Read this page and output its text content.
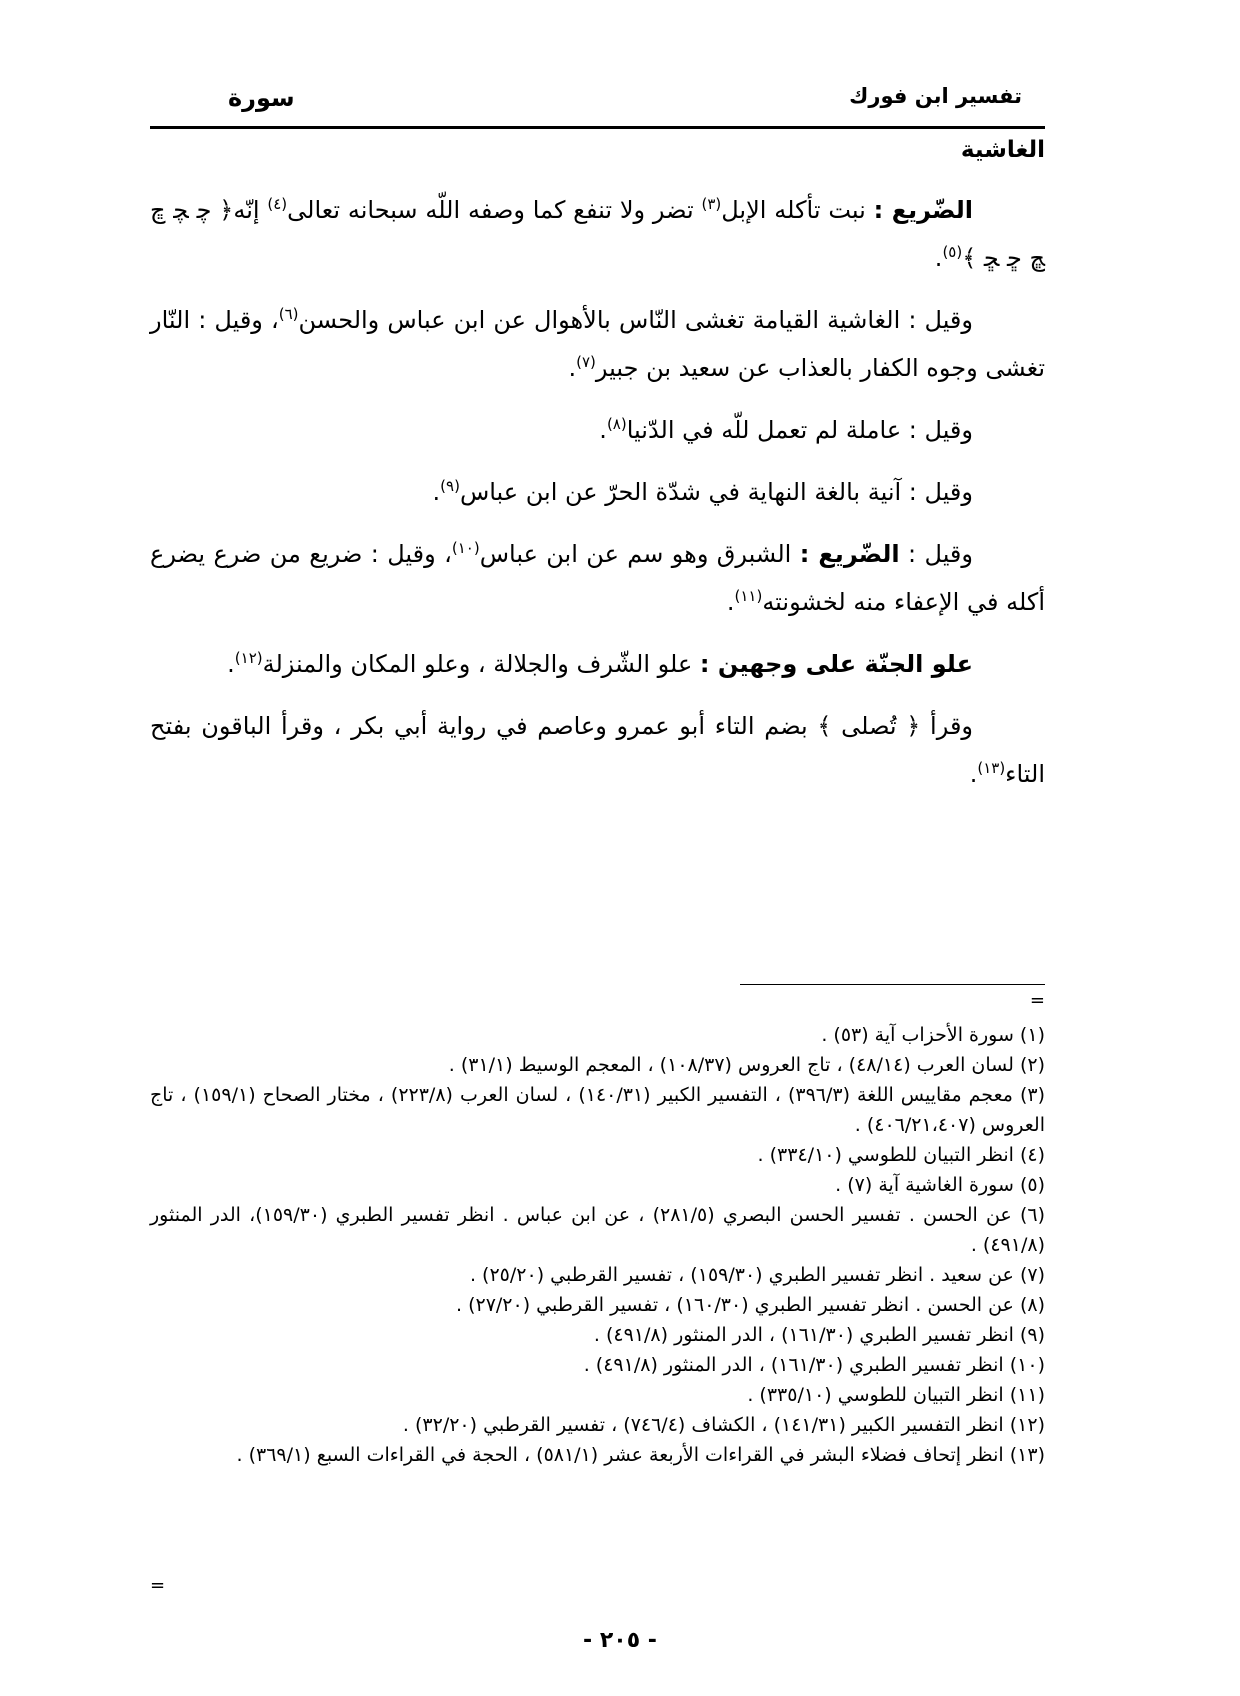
تفسير ابن فورك
سورة
الغاشية

الضّريع : نبت تأكله الإبل$^{(٣)}$ تضر ولا تنفع كما وصفه اللّه سبحانه تعالى$^{(٤)}$ إنّه﴿ ﭼ ﭽ ﭾ ﭿ ﮀ ﮁ ﴾$^{(٥)}$.

وقيل : الغاشية القيامة تغشى النّاس بالأهوال عن ابن عباس والحسن$^{(٦)}$، وقيل : النّار تغشى وجوه الكفار بالعذاب عن سعيد بن جبير$^{(٧)}$.

وقيل : عاملة لم تعمل للّه في الدّنيا$^{(٨)}$.

وقيل : آنية بالغة النهاية في شدّة الحرّ عن ابن عباس$^{(٩)}$.

وقيل : الضّريع : الشبرق وهو سم عن ابن عباس$^{(١٠)}$، وقيل : ضريع من ضرع يضرع أكله في الإعفاء منه لخشونته$^{(١١)}$.

علو الجنّة على وجهين : علو الشّرف والجلالة ، وعلو المكان والمنزلة$^{(١٢)}$.

وقرأ ﴿ تُصلى ﴾ بضم التاء أبو عمرو وعاصم في رواية أبي بكر ، وقرأ الباقون بفتح التاء$^{(١٣)}$.

=

(١) سورة الأحزاب آية (٥٣) .

(٢) لسان العرب (٤٨/١٤) ، تاج العروس (١٠٨/٣٧) ، المعجم الوسيط (٣١/١) .

(٣) معجم مقاييس اللغة (٣٩٦/٣) ، التفسير الكبير (١٤٠/٣١) ، لسان العرب (٢٢٣/٨) ، مختار الصحاح (١٥٩/١) ، تاج العروس (٤٠٦/٢١،٤٠٧) .

(٤) انظر التبيان للطوسي (٣٣٤/١٠) .

(٥) سورة الغاشية آية (٧) .

(٦) عن الحسن . تفسير الحسن البصري (٢٨١/٥) ، عن ابن عباس . انظر تفسير الطبري (١٥٩/٣٠)، الدر المنثور (٤٩١/٨) .

(٧) عن سعيد . انظر تفسير الطبري (١٥٩/٣٠) ، تفسير القرطبي (٢٥/٢٠) .

(٨) عن الحسن . انظر تفسير الطبري (١٦٠/٣٠) ، تفسير القرطبي (٢٧/٢٠) .

(٩) انظر تفسير الطبري (١٦١/٣٠) ، الدر المنثور (٤٩١/٨) .

(١٠) انظر تفسير الطبري (١٦١/٣٠) ، الدر المنثور (٤٩١/٨) .

(١١) انظر التبيان للطوسي (٣٣٥/١٠) .

(١٢) انظر التفسير الكبير (١٤١/٣١) ، الكشاف (٧٤٦/٤) ، تفسير القرطبي (٣٢/٢٠) .

(١٣) انظر إتحاف فضلاء البشر في القراءات الأربعة عشر (٥٨١/١) ، الحجة في القراءات السبع (٣٦٩/١) .

=
- ٢٠٥ -
